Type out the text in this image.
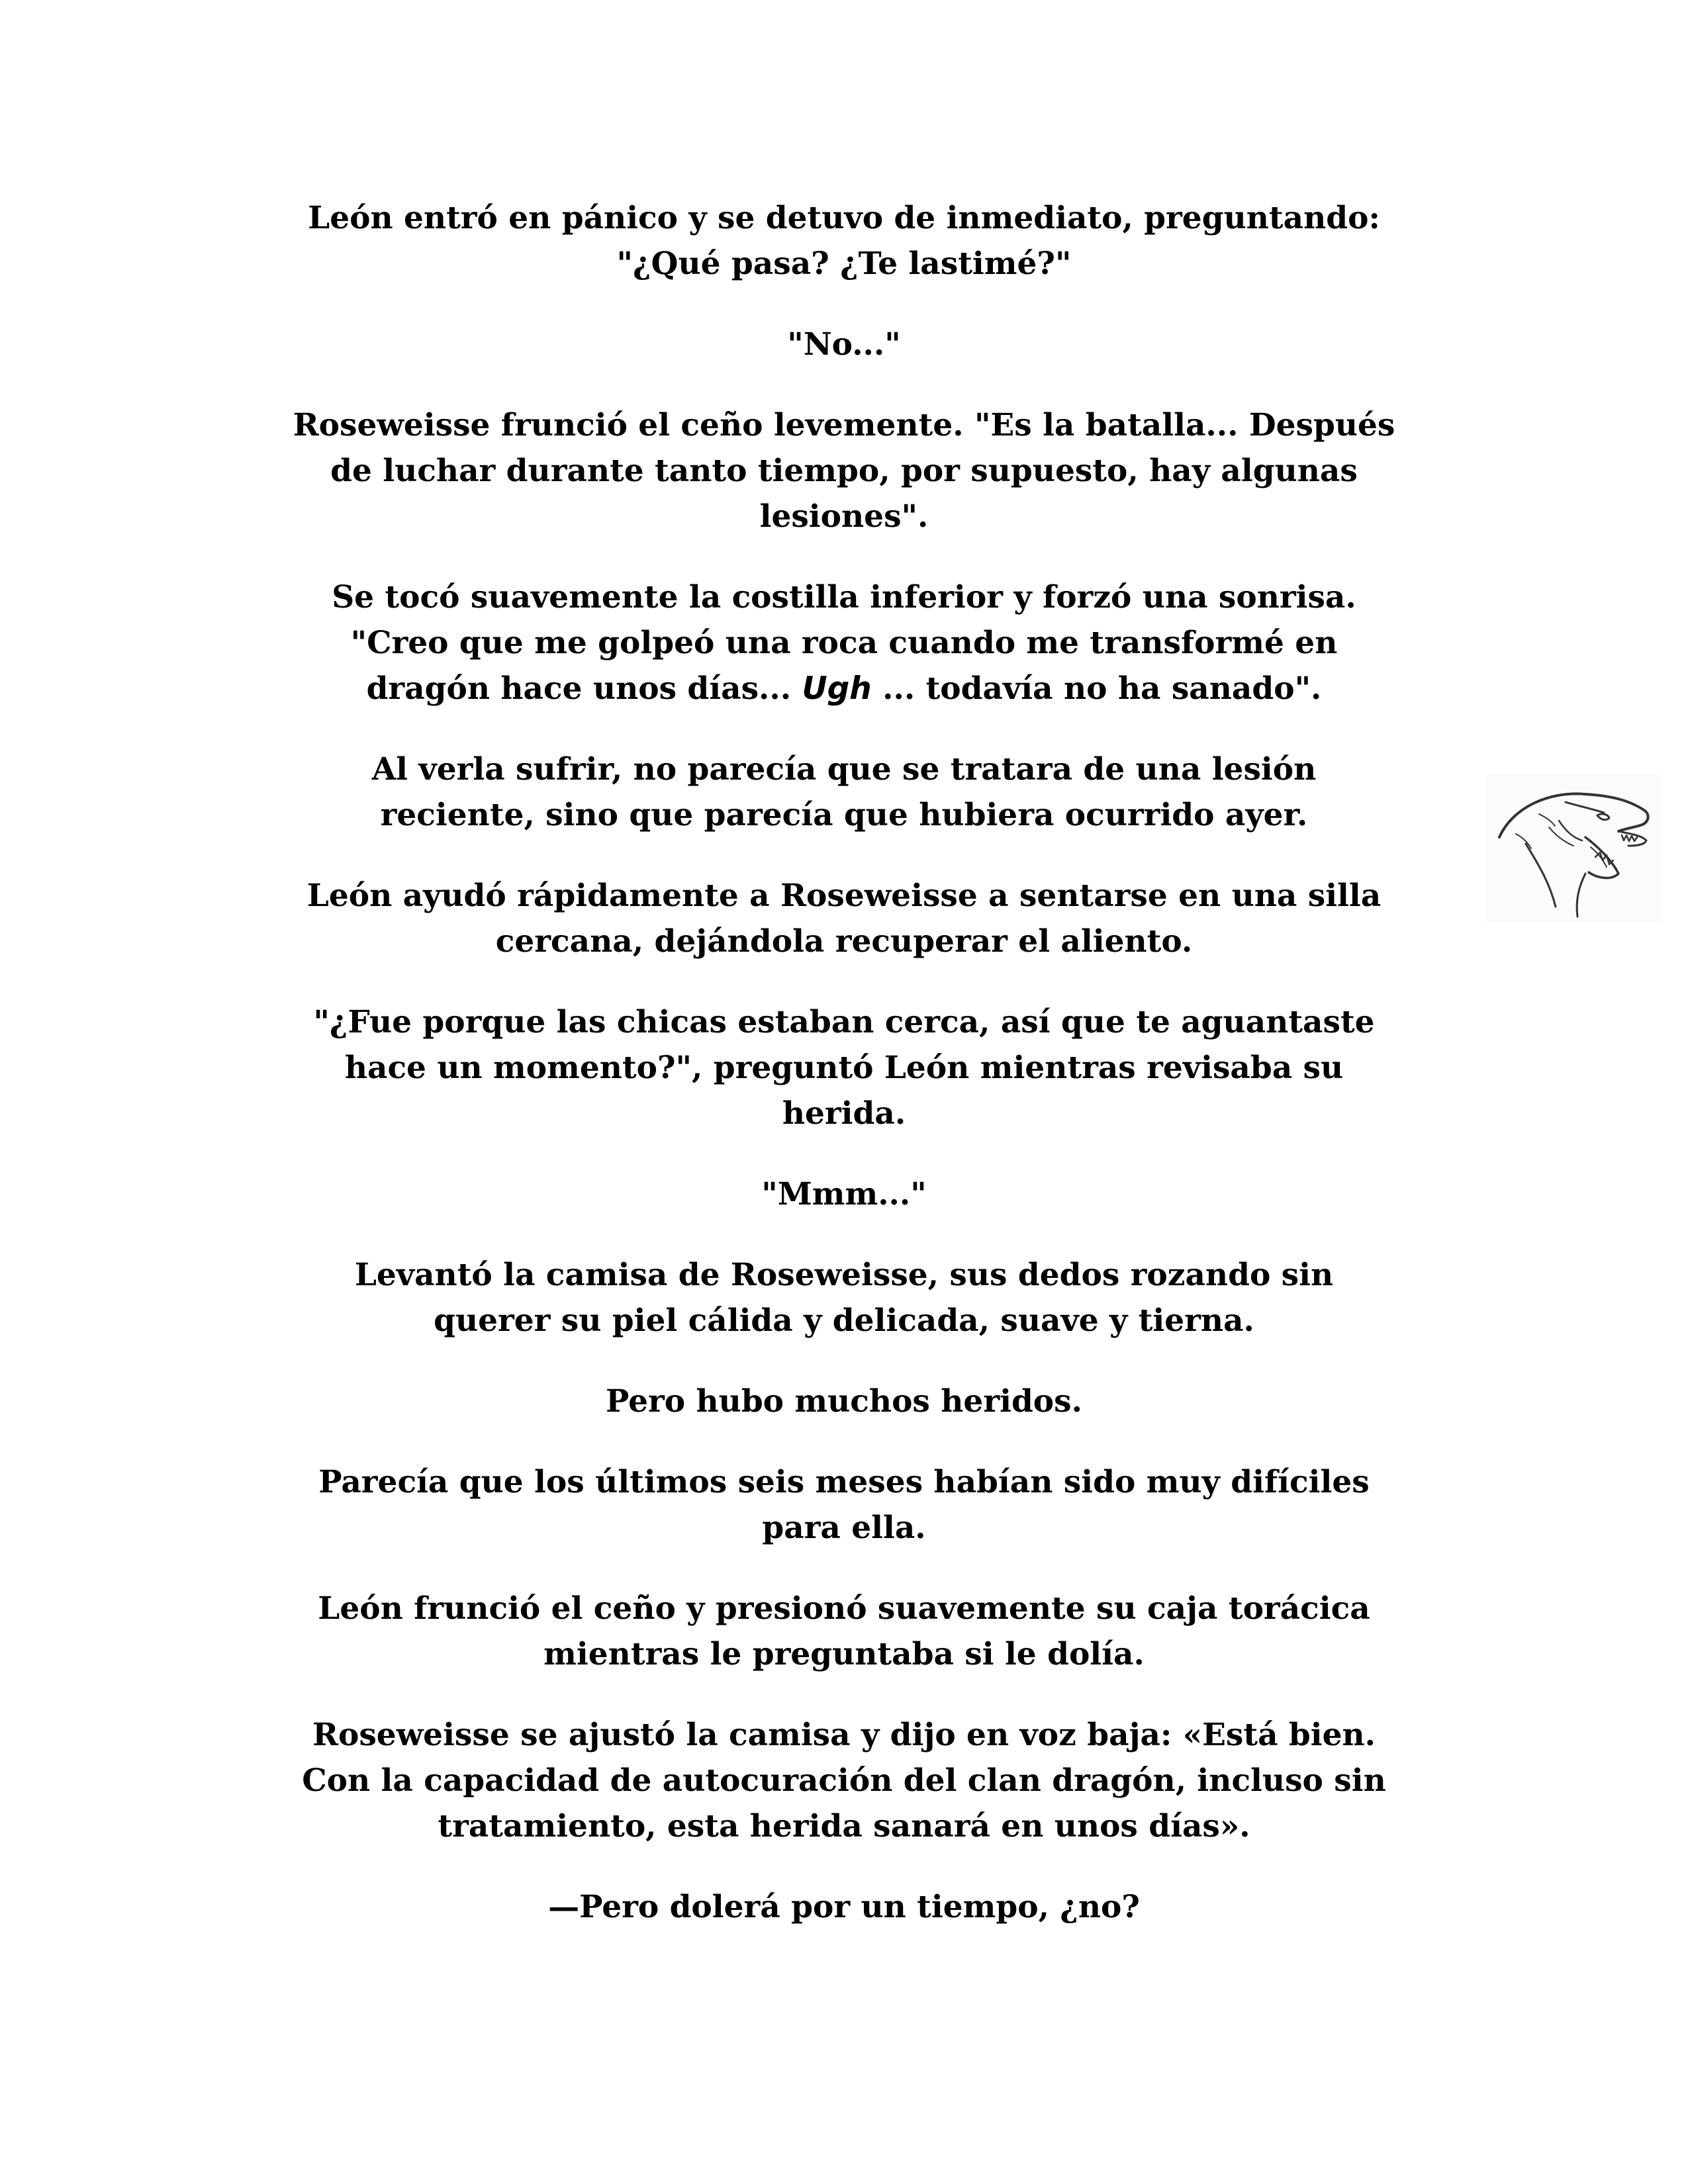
León entró en pánico y se detuvo de inmediato, preguntando:
"¿Qué pasa? ¿Te lastimé?"

"No..."

Roseweisse frunció el ceño levemente. "Es la batalla... Después
de luchar durante tanto tiempo, por supuesto, hay algunas
lesiones".

Se tocó suavemente la costilla inferior y forzó una sonrisa.
"Creo que me golpeó una roca cuando me transformé en
dragón hace unos días... Ugh ... todavía no ha sanado".

Al verla sufrir, no parecía que se tratara de una lesión
reciente, sino que parecía que hubiera ocurrido ayer.

León ayudó rápidamente a Roseweisse a sentarse en una silla
cercana, dejándola recuperar el aliento.

"¿Fue porque las chicas estaban cerca, así que te aguantaste
hace un momento?", preguntó León mientras revisaba su
herida.

"Mmm..."

Levantó la camisa de Roseweisse, sus dedos rozando sin
querer su piel cálida y delicada, suave y tierna.

Pero hubo muchos heridos.

Parecía que los últimos seis meses habían sido muy difíciles
para ella.

León frunció el ceño y presionó suavemente su caja torácica
mientras le preguntaba si le dolía.

Roseweisse se ajustó la camisa y dijo en voz baja: «Está bien.
Con la capacidad de autocuración del clan dragón, incluso sin
tratamiento, esta herida sanará en unos días».

—Pero dolerá por un tiempo, ¿no?
